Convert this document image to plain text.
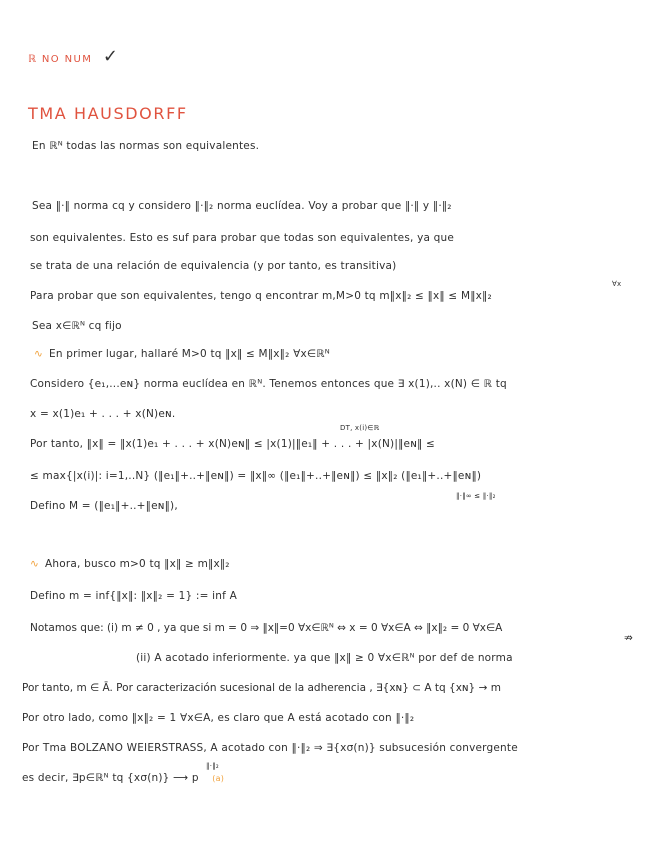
ℝ NO NUM ✓
TMA HAUSDORFF
En ℝᴺ todas las normas son equivalentes.
Sea ‖·‖ norma cq y considero ‖·‖₂ norma euclídea. Voy a probar que ‖·‖ y ‖·‖₂
son equivalentes. Esto es suf para probar que todas son equivalentes, ya que
se trata de una relación de equivalencia (y por tanto, es transitiva)
Para probar que son equivalentes, tengo q encontrar m,M>0 tq m‖x‖₂ ≤ ‖x‖ ≤ M‖x‖₂
∀x
Sea x∈ℝᴺ cq fijo
∿ En primer lugar, hallaré M>0 tq ‖x‖ ≤ M‖x‖₂ ∀x∈ℝᴺ
Considero {e₁,...eɴ} norma euclídea en ℝᴺ. Tenemos entonces que ∃ x(1),.. x(N) ∈ ℝ tq
x = x(1)e₁ + . . . + x(N)eɴ.
DT, x(i)∈ℝ
Por tanto, ‖x‖ = ‖x(1)e₁ + . . . + x(N)eɴ‖ ≤ |x(1)|‖e₁‖ + . . . + |x(N)|‖eɴ‖ ≤
≤ max{|x(i)|: i=1,..N} (‖e₁‖+..+‖eɴ‖) = ‖x‖∞ (‖e₁‖+..+‖eɴ‖) ≤ ‖x‖₂ (‖e₁‖+..+‖eɴ‖)
‖·‖∞ ≤ ‖·‖₂
Defino M = (‖e₁‖+..+‖eɴ‖),
∿ Ahora, busco m>0 tq ‖x‖ ≥ m‖x‖₂
Defino m = inf{‖x‖: ‖x‖₂ = 1} := inf A
Notamos que: (i) m ≠ 0 , ya que si m = 0 ⇒ ‖x‖=0 ∀x∈ℝᴺ ⇔ x = 0 ∀x∈A ⇔ ‖x‖₂ = 0 ∀x∈A
⇏
(ii) A acotado inferiormente. ya que ‖x‖ ≥ 0 ∀x∈ℝᴺ por def de norma
Por tanto, m ∈ Ā. Por caracterización sucesional de la adherencia , ∃{xɴ} ⊂ A tq {xɴ} → m
Por otro lado, como ‖x‖₂ = 1 ∀x∈A, es claro que A está acotado con ‖·‖₂
Por Tma BOLZANO WEIERSTRASS, A acotado con ‖·‖₂ ⇒ ∃{xσ(n)} subsucesión convergente
‖·‖₂
es decir, ∃p∈ℝᴺ tq {xσ(n)} ⟶ p (a)
